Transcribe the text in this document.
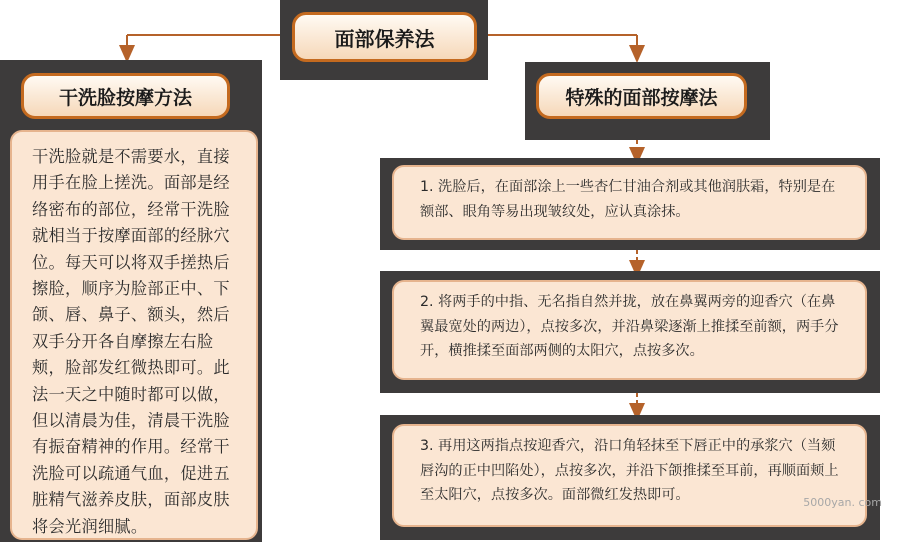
面部保养法
干洗脸按摩方法
干洗脸就是不需要水，直接用手在脸上搓洗。面部是经络密布的部位，经常干洗脸就相当于按摩面部的经脉穴位。每天可以将双手搓热后擦脸，顺序为脸部正中、下颌、唇、鼻子、额头，然后双手分开各自摩擦左右脸颊，脸部发红微热即可。此法一天之中随时都可以做，但以清晨为佳，清晨干洗脸有振奋精神的作用。经常干洗脸可以疏通气血，促进五脏精气滋养皮肤，面部皮肤将会光润细腻。
特殊的面部按摩法
1. 洗脸后，在面部涂上一些杏仁甘油合剂或其他润肤霜，特别是在额部、眼角等易出现皱纹处，应认真涂抹。
2. 将两手的中指、无名指自然并拢，放在鼻翼两旁的迎香穴（在鼻翼最宽处的两边），点按多次，并沿鼻梁逐渐上推揉至前额，两手分开，横推揉至面部两侧的太阳穴，点按多次。
3. 再用这两指点按迎香穴，沿口角轻抹至下唇正中的承浆穴（当颏唇沟的正中凹陷处），点按多次，并沿下颌推揉至耳前，再顺面颊上至太阳穴，点按多次。面部微红发热即可。	5000yan. com
